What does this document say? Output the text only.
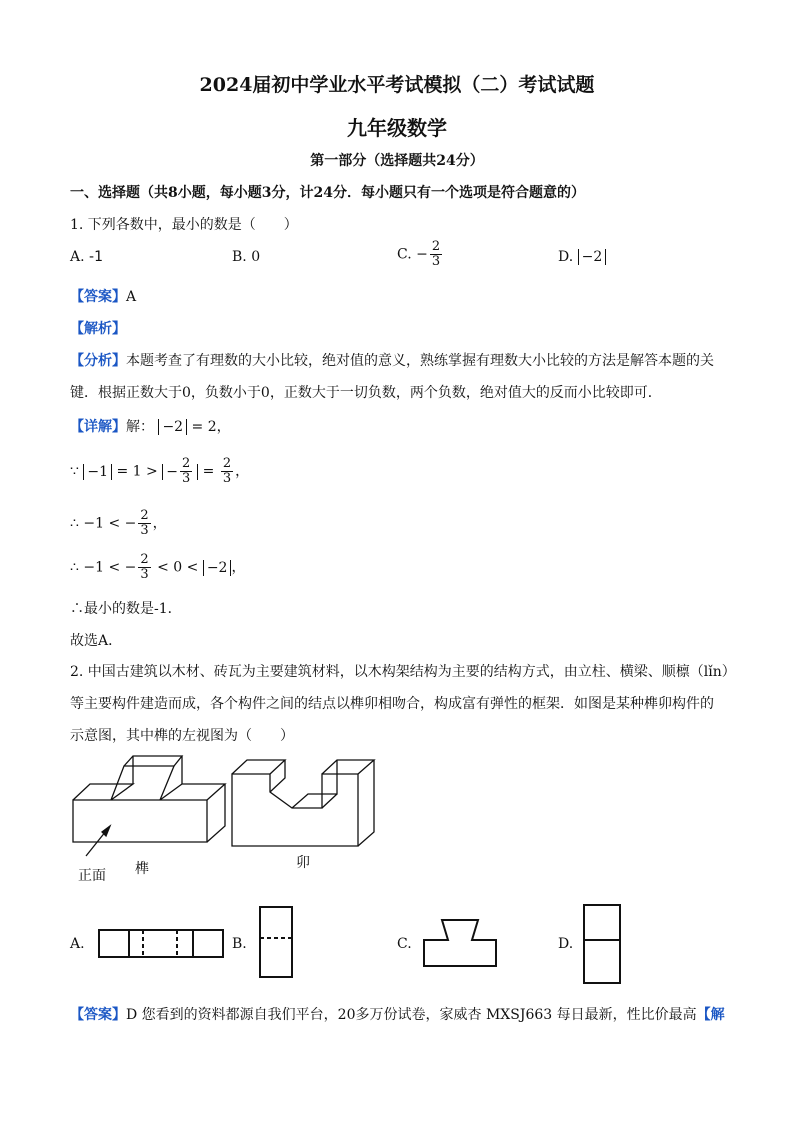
2024届初中学业水平考试模拟（二）考试试题
九年级数学
第一部分（选择题共24分）
一、选择题（共8小题，每小题3分，计24分．每小题只有一个选项是符合题意的）
1. 下列各数中，最小的数是（　　）
A. -1	B. 0	C. − $\frac{2}{3}$	D. −2
【答案】A
【解析】
【分析】本题考查了有理数的大小比较，绝对值的意义，熟练掌握有理数大小比较的方法是解答本题的关
键．根据正数大于0，负数小于0，正数大于一切负数，两个负数，绝对值大的反而小比较即可．
【详解】解： −2 = 2，
∵ −1 = 1 > − $\frac{2}{3} = \frac{2}{3}$ ，
∴ −1 < − $\frac{2}{3}$ ，
∴ −1 < − $\frac{2}{3} < 0 < -2$ ，
∴最小的数是-1．
故选A．
2. 中国古建筑以木材、砖瓦为主要建筑材料，以木构架结构为主要的结构方式，由立柱、横梁、顺檩（lǐn）
等主要构件建造而成，各个构件之间的结点以榫卯相吻合，构成富有弹性的框架．如图是某种榫卯构件的
示意图，其中榫的左视图为（　　）
正面 榫	卯
A.	B.	C.	D.
【答案】D 您看到的资料都源自我们平台，20多万份试卷，家威杏 MXSJ663 每日最新，性比价最高【解
